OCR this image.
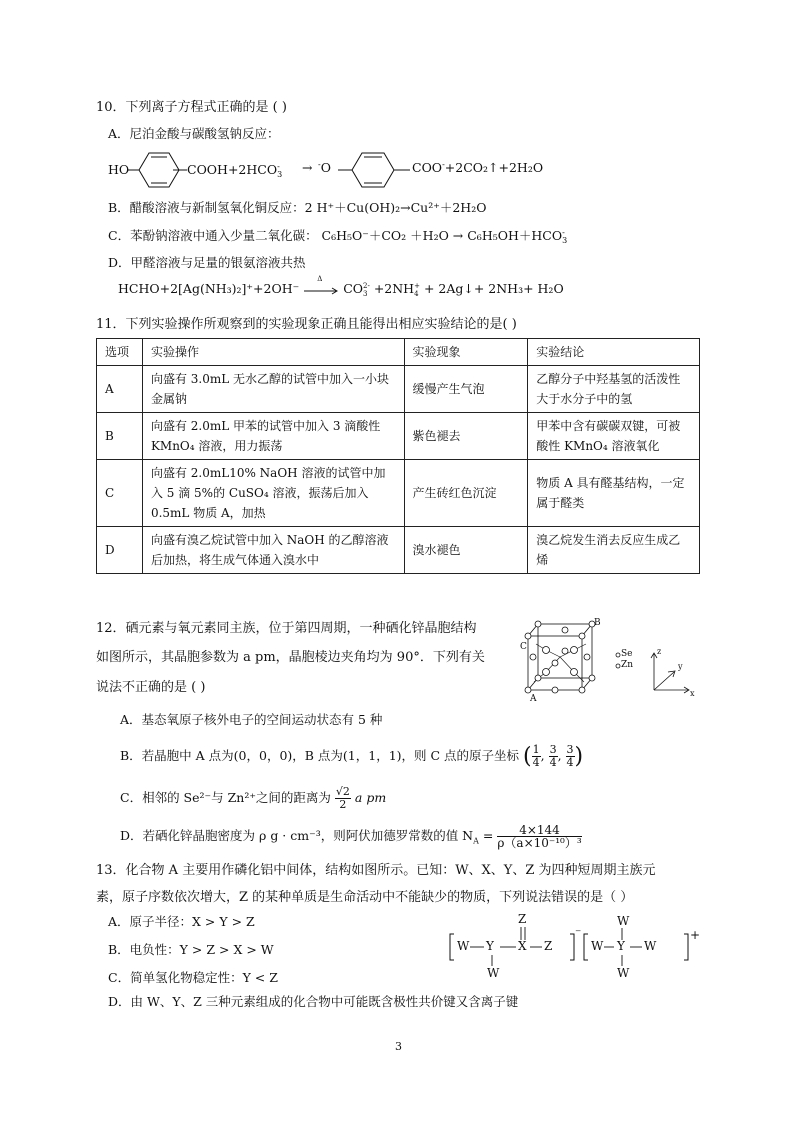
10．下列离子方程式正确的是 ( )
A．尼泊金酸与碳酸氢钠反应：
HO	COOH+2HCO -
3 → -O	COO-+2CO₂↑+2H₂O
B．醋酸溶液与新制氢氧化铜反应：2 H⁺＋Cu(OH)₂→Cu²⁺＋2H₂O
C．苯酚钠溶液中通入少量二氧化碳： C₆H₅O⁻＋CO₂ ＋H₂O → C₆H₅OH＋HCO -
3
D．甲醛溶液与足量的银氨溶液共热
HCHO+2[Ag(NH₃)₂]⁺+2OH⁻
Δ
CO 2-
3 +2NH +
4 + 2Ag↓+ 2NH₃+ H₂O
11．下列实验操作所观察到的实验现象正确且能得出相应实验结论的是( )
选项	实验操作	实验现象	实验结论
A	向盛有 3.0mL 无水乙醇的试管中加入一小块金属钠	缓慢产生气泡	乙醇分子中羟基氢的活泼性大于水分子中的氢
B	向盛有 2.0mL 甲苯的试管中加入 3 滴酸性 KMnO₄ 溶液，用力振荡	紫色褪去	甲苯中含有碳碳双键，可被酸性 KMnO₄ 溶液氧化
C	向盛有 2.0mL10% NaOH 溶液的试管中加入 5 滴 5%的 CuSO₄ 溶液，振荡后加入 0.5mL 物质 A，加热	产生砖红色沉淀	物质 A 具有醛基结构，一定属于醛类
D	向盛有溴乙烷试管中加入 NaOH 的乙醇溶液后加热，将生成气体通入溴水中	溴水褪色	溴乙烷发生消去反应生成乙烯
12．硒元素与氧元素同主族，位于第四周期，一种硒化锌晶胞结构
如图所示，其晶胞参数为 a pm，晶胞棱边夹角均为 90°．下列有关
说法不正确的是 ( )
C
B
A
Se
Zn
z
y
x
A．基态氧原子核外电子的空间运动状态有 5 种
B．若晶胞中 A 点为(0，0，0)，B 点为(1，1，1)，则 C 点的原子坐标 ( $\frac{1}{4}$ , $\frac{3}{4}$ , $\frac{3}{4}$ )
C．相邻的 Se²⁻与 Zn²⁺之间的距离为 $\frac{√2}{2}$ a pm
D．若硒化锌晶胞密度为 ρ g · cm⁻³，则阿伏加德罗常数的值 $N_A = \frac{4\times 144}{\text{ρ（a×10⁻¹⁰）³}}$
13．化合物 A 主要用作磷化铝中间体，结构如图所示。已知：W、X、Y、Z 为四种短周期主族元
素，原子序数依次增大，Z 的某种单质是生命活动中不能缺少的物质，下列说法错误的是（ ）
A．原子半径：X > Y > Z
B．电负性：Y > Z > X > W
C．简单氢化物稳定性：Y < Z
D．由 W、Y、Z 三种元素组成的化合物中可能既含极性共价键又含离子键
W Y X Z
Z
W
⁻
W Y W
W
W
+
3
